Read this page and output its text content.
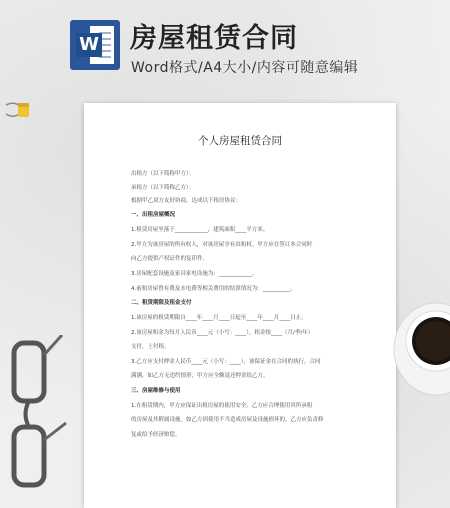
W 房屋租赁合同
Word格式/A4大小/内容可随意编辑
个人房屋租赁合同
出租方（以下简称甲方）：
承租方（以下简称乙方）：
根据甲乙双方友好协商，达成以下租房协议：
一、出租房屋概况
1.租赁房屋坐落于____________，建筑面积____平方米。
2.甲方为该房屋的所有权人，对该房屋享有出租权。甲方应在签订本合同时
向乙方提供产权证件的复印件。
3.房屋配套设施及家具家电设施为：____________。
4.前租房屋曾有费及水电费等相关费用的结算情况为：__________。
二、租赁期限及租金支付
1.该房屋的租赁期限自____年____月____日起至____年____月____日止。
2.该房屋租金为每月人民币____元（小写：____），租金按____（月/季/年）
支付，上付租。
3.乙方应支付押金人民币____元（小写：____），该保证金在合同的执行，合同
满满，如乙方无违约情形，甲方应全额退还押金给乙方。
三、房屋维修与使用
1.在租赁期内，甲方应保证出租房屋的使用安全。乙方应合理使用其所承租
的房屋及其附属设施。如乙方因使用不当造成房屋及设施损坏的，乙方应负责修
复或给予经济赔偿。
